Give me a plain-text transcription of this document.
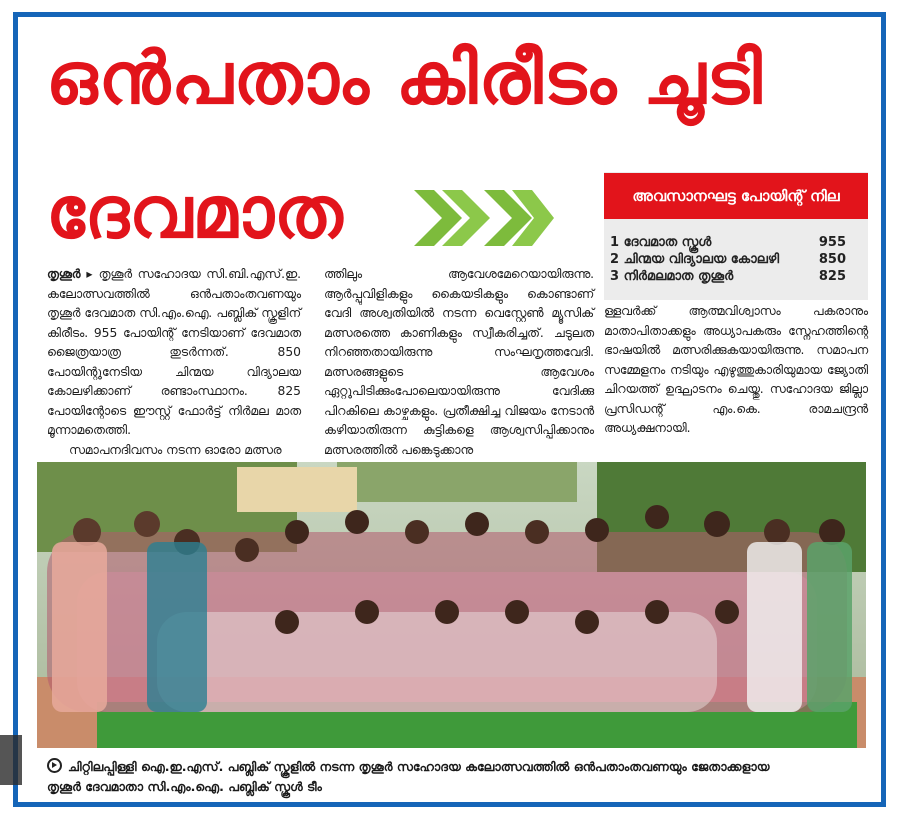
ഒൻപതാം കിരീടം ചൂടി
ദേവമാത	അവസാനഘട്ട പോയിന്റ് നില
1 ദേവമാത സ്കൂൾ	955
2 ചിന്മയ വിദ്യാലയ കോലഴി	850
3 നിർമലമാത തൃശൂർ	825

തൃശൂർ ▸ തൃശൂർ സഹോദയ സി.ബി.എസ്.ഇ. കലോത്സവത്തിൽ ഒൻപതാംതവണയും തൃശൂർ ദേവമാത സി.എം.ഐ. പബ്ലിക് സ്കൂളിന് കിരീടം. 955 പോയിന്റ് നേടിയാണ് ദേവമാത ജൈത്രയാത്ര തുടർന്നത്. 850 പോയിന്റുനേടിയ ചിന്മയ വിദ്യാലയ കോലഴിക്കാണ് രണ്ടാംസ്ഥാനം. 825 പോയിന്റോടെ ഈസ്റ്റ് ഫോർട്ട് നിർമല മാത മൂന്നാമതെത്തി.

സമാപനദിവസം നടന്ന ഓരോ മത്സര

ത്തിലും ആവേശമേറെയായിരുന്നു. ആർപ്പുവിളികളും കൈയടികളും കൊണ്ടാണ് വേദി അശ്വതിയിൽ നടന്ന വെസ്റ്റേൺ മ്യൂസിക് മത്സരത്തെ കാണികളും സ്വീകരിച്ചത്. ചടുലത നിറഞ്ഞതായിരുന്നു സംഘനൃത്തവേദി. മത്സരങ്ങളുടെ ആവേശം ഏറ്റുപിടിക്കുംപോലെയായിരുന്നു വേദിക്കു പിറകിലെ കാഴ്ചകളും. പ്രതീക്ഷിച്ച വിജയം നേടാൻ കഴിയാതിരുന്ന കുട്ടികളെ ആശ്വസിപ്പിക്കാനും മത്സരത്തിൽ പങ്കെടുക്കാനു

ള്ളവർക്ക് ആത്മവിശ്വാസം പകരാനും മാതാപിതാക്കളും അധ്യാപകരും സ്നേഹത്തിന്റെ ഭാഷയിൽ മത്സരിക്കുകയായിരുന്നു. സമാപന സമ്മേളനം നടിയും എഴുത്തുകാരിയുമായ ജ്യോതി ചിറയത്ത് ഉദ്ഘാടനം ചെയ്തു. സഹോദയ ജില്ലാ പ്രസിഡന്റ് എം.കെ. രാമചന്ദ്രൻ അധ്യക്ഷനായി.

ചിറ്റിലപ്പിള്ളി ഐ.ഇ.എസ്. പബ്ലിക് സ്കൂളിൽ നടന്ന തൃശൂർ സഹോദയ കലോത്സവത്തിൽ ഒൻപതാംതവണയും ജേതാക്കളായ
തൃശൂർ ദേവമാതാ സി.എം.ഐ. പബ്ലിക് സ്കൂൾ ടീം
